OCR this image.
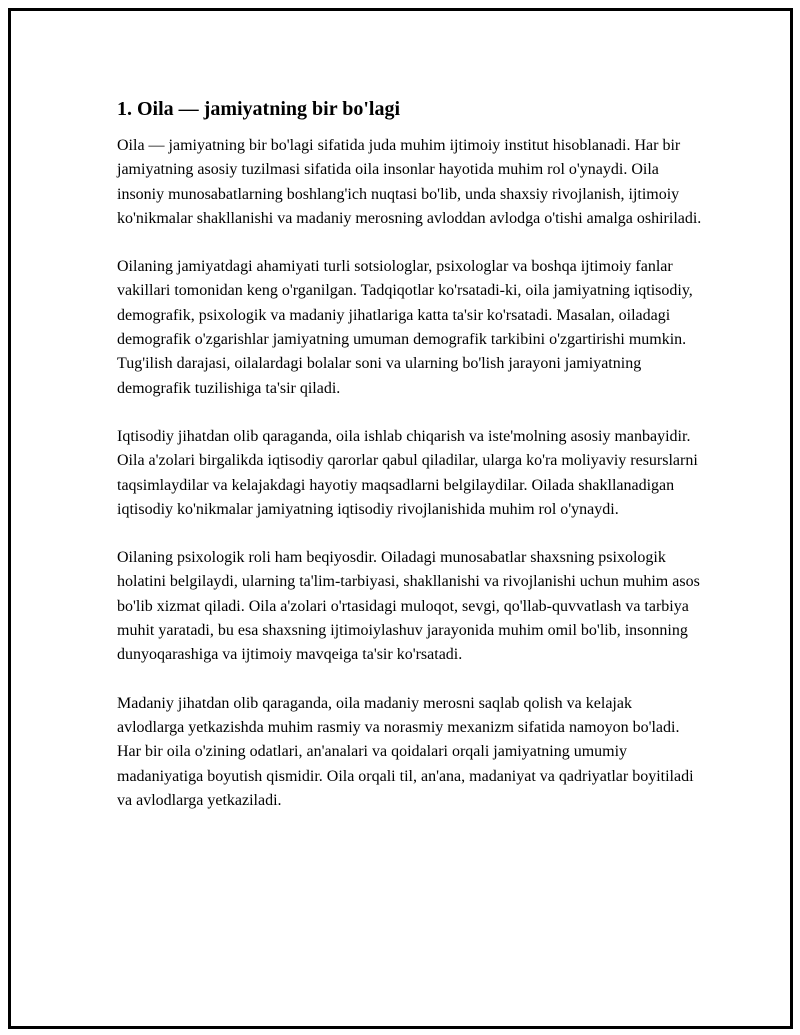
1. Oila — jamiyatning bir bo'lagi

Oila — jamiyatning bir bo'lagi sifatida juda muhim ijtimoiy institut hisoblanadi. Har bir jamiyatning asosiy tuzilmasi sifatida oila insonlar hayotida muhim rol o'ynaydi. Oila insoniy munosabatlarning boshlang'ich nuqtasi bo'lib, unda shaxsiy rivojlanish, ijtimoiy ko'nikmalar shakllanishi va madaniy merosning avloddan avlodga o'tishi amalga oshiriladi.

Oilaning jamiyatdagi ahamiyati turli sotsiologlar, psixologlar va boshqa ijtimoiy fanlar vakillari tomonidan keng o'rganilgan. Tadqiqotlar ko'rsatadi-ki, oila jamiyatning iqtisodiy, demografik, psixologik va madaniy jihatlariga katta ta'sir ko'rsatadi. Masalan, oiladagi demografik o'zgarishlar jamiyatning umuman demografik tarkibini o'zgartirishi mumkin. Tug'ilish darajasi, oilalardagi bolalar soni va ularning bo'lish jarayoni jamiyatning demografik tuzilishiga ta'sir qiladi.

Iqtisodiy jihatdan olib qaraganda, oila ishlab chiqarish va iste'molning asosiy manbayidir. Oila a'zolari birgalikda iqtisodiy qarorlar qabul qiladilar, ularga ko'ra moliyaviy resurslarni taqsimlaydilar va kelajakdagi hayotiy maqsadlarni belgilaydilar. Oilada shakllanadigan iqtisodiy ko'nikmalar jamiyatning iqtisodiy rivojlanishida muhim rol o'ynaydi.

Oilaning psixologik roli ham beqiyosdir. Oiladagi munosabatlar shaxsning psixologik holatini belgilaydi, ularning ta'lim-tarbiyasi, shakllanishi va rivojlanishi uchun muhim asos bo'lib xizmat qiladi. Oila a'zolari o'rtasidagi muloqot, sevgi, qo'llab-quvvatlash va tarbiya muhit yaratadi, bu esa shaxsning ijtimoiylashuv jarayonida muhim omil bo'lib, insonning dunyoqarashiga va ijtimoiy mavqeiga ta'sir ko'rsatadi.

Madaniy jihatdan olib qaraganda, oila madaniy merosni saqlab qolish va kelajak avlodlarga yetkazishda muhim rasmiy va norasmiy mexanizm sifatida namoyon bo'ladi. Har bir oila o'zining odatlari, an'analari va qoidalari orqali jamiyatning umumiy madaniyatiga boyutish qismidir. Oila orqali til, an'ana, madaniyat va qadriyatlar boyitiladi va avlodlarga yetkaziladi.
